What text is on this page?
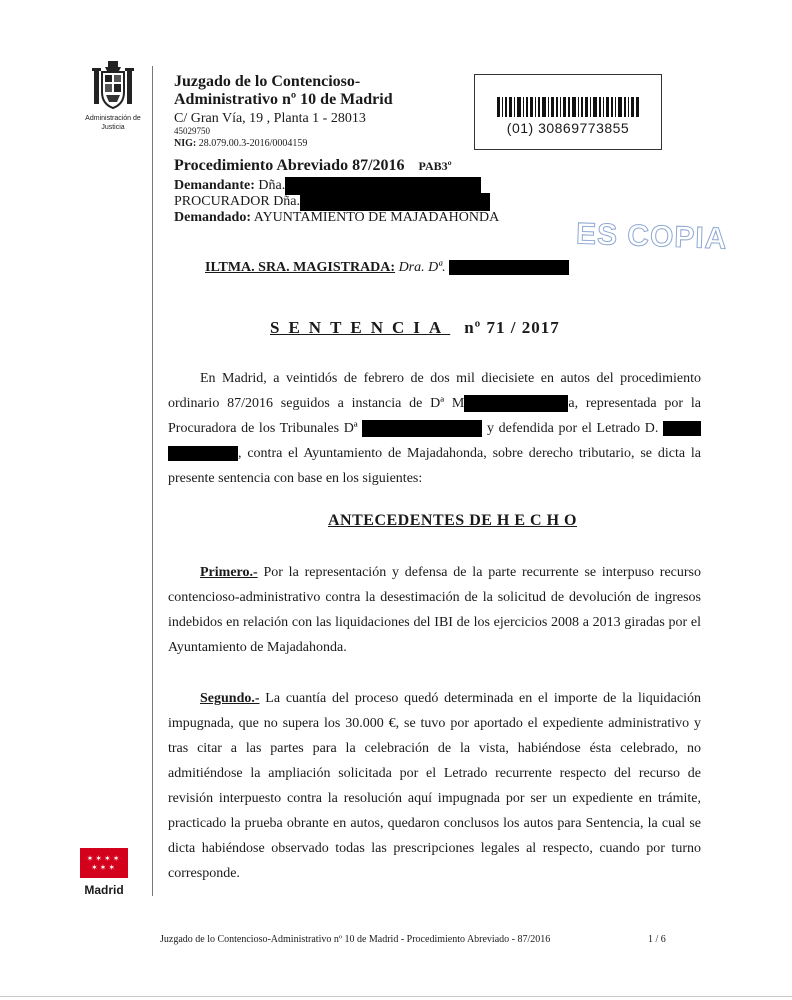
Administración de Justicia
Juzgado de lo Contencioso-
Administrativo nº 10 de Madrid
C/ Gran Vía, 19 , Planta 1 - 28013
45029750
NIG: 28.079.00.3-2016/0004159
Procedimiento Abreviado 87/2016 PAB3º
Demandante: Dña.
PROCURADOR Dña.
Demandado: AYUNTAMIENTO DE MAJADAHONDA
(01) 30869773855
ES COPIA
ILTMA. SRA. MAGISTRADA: Dra. Dª.
SENTENCIA nº 71 / 2017
En Madrid, a veintidós de febrero de dos mil diecisiete en autos del procedimiento ordinario 87/2016 seguidos a instancia de Dª M	a, representada por la Procuradora de los Tribunales Dª	y defendida por el Letrado D.  , contra el Ayuntamiento de Majadahonda, sobre derecho tributario, se dicta la presente sentencia con base en los siguientes:
ANTECEDENTES DE H E C H O
Primero.- Por la representación y defensa de la parte recurrente se interpuso recurso contencioso-administrativo contra la desestimación de la solicitud de devolución de ingresos indebidos en relación con las liquidaciones del IBI de los ejercicios 2008 a 2013 giradas por el Ayuntamiento de Majadahonda.
Segundo.- La cuantía del proceso quedó determinada en el importe de la liquidación impugnada, que no supera los 30.000 €, se tuvo por aportado el expediente administrativo y tras citar a las partes para la celebración de la vista, habiéndose ésta celebrado, no admitiéndose la ampliación solicitada por el Letrado recurrente respecto del recurso de revisión interpuesto contra la resolución aquí impugnada por ser un expediente en trámite, practicado la prueba obrante en autos, quedaron conclusos los autos para Sentencia, la cual se dicta habiéndose observado todas las prescripciones legales al respecto, cuando por turno corresponde.
✶✶✶✶ ✶✶✶
Madrid
Juzgado de lo Contencioso-Administrativo nº 10 de Madrid - Procedimiento Abreviado - 87/2016	1 / 6
